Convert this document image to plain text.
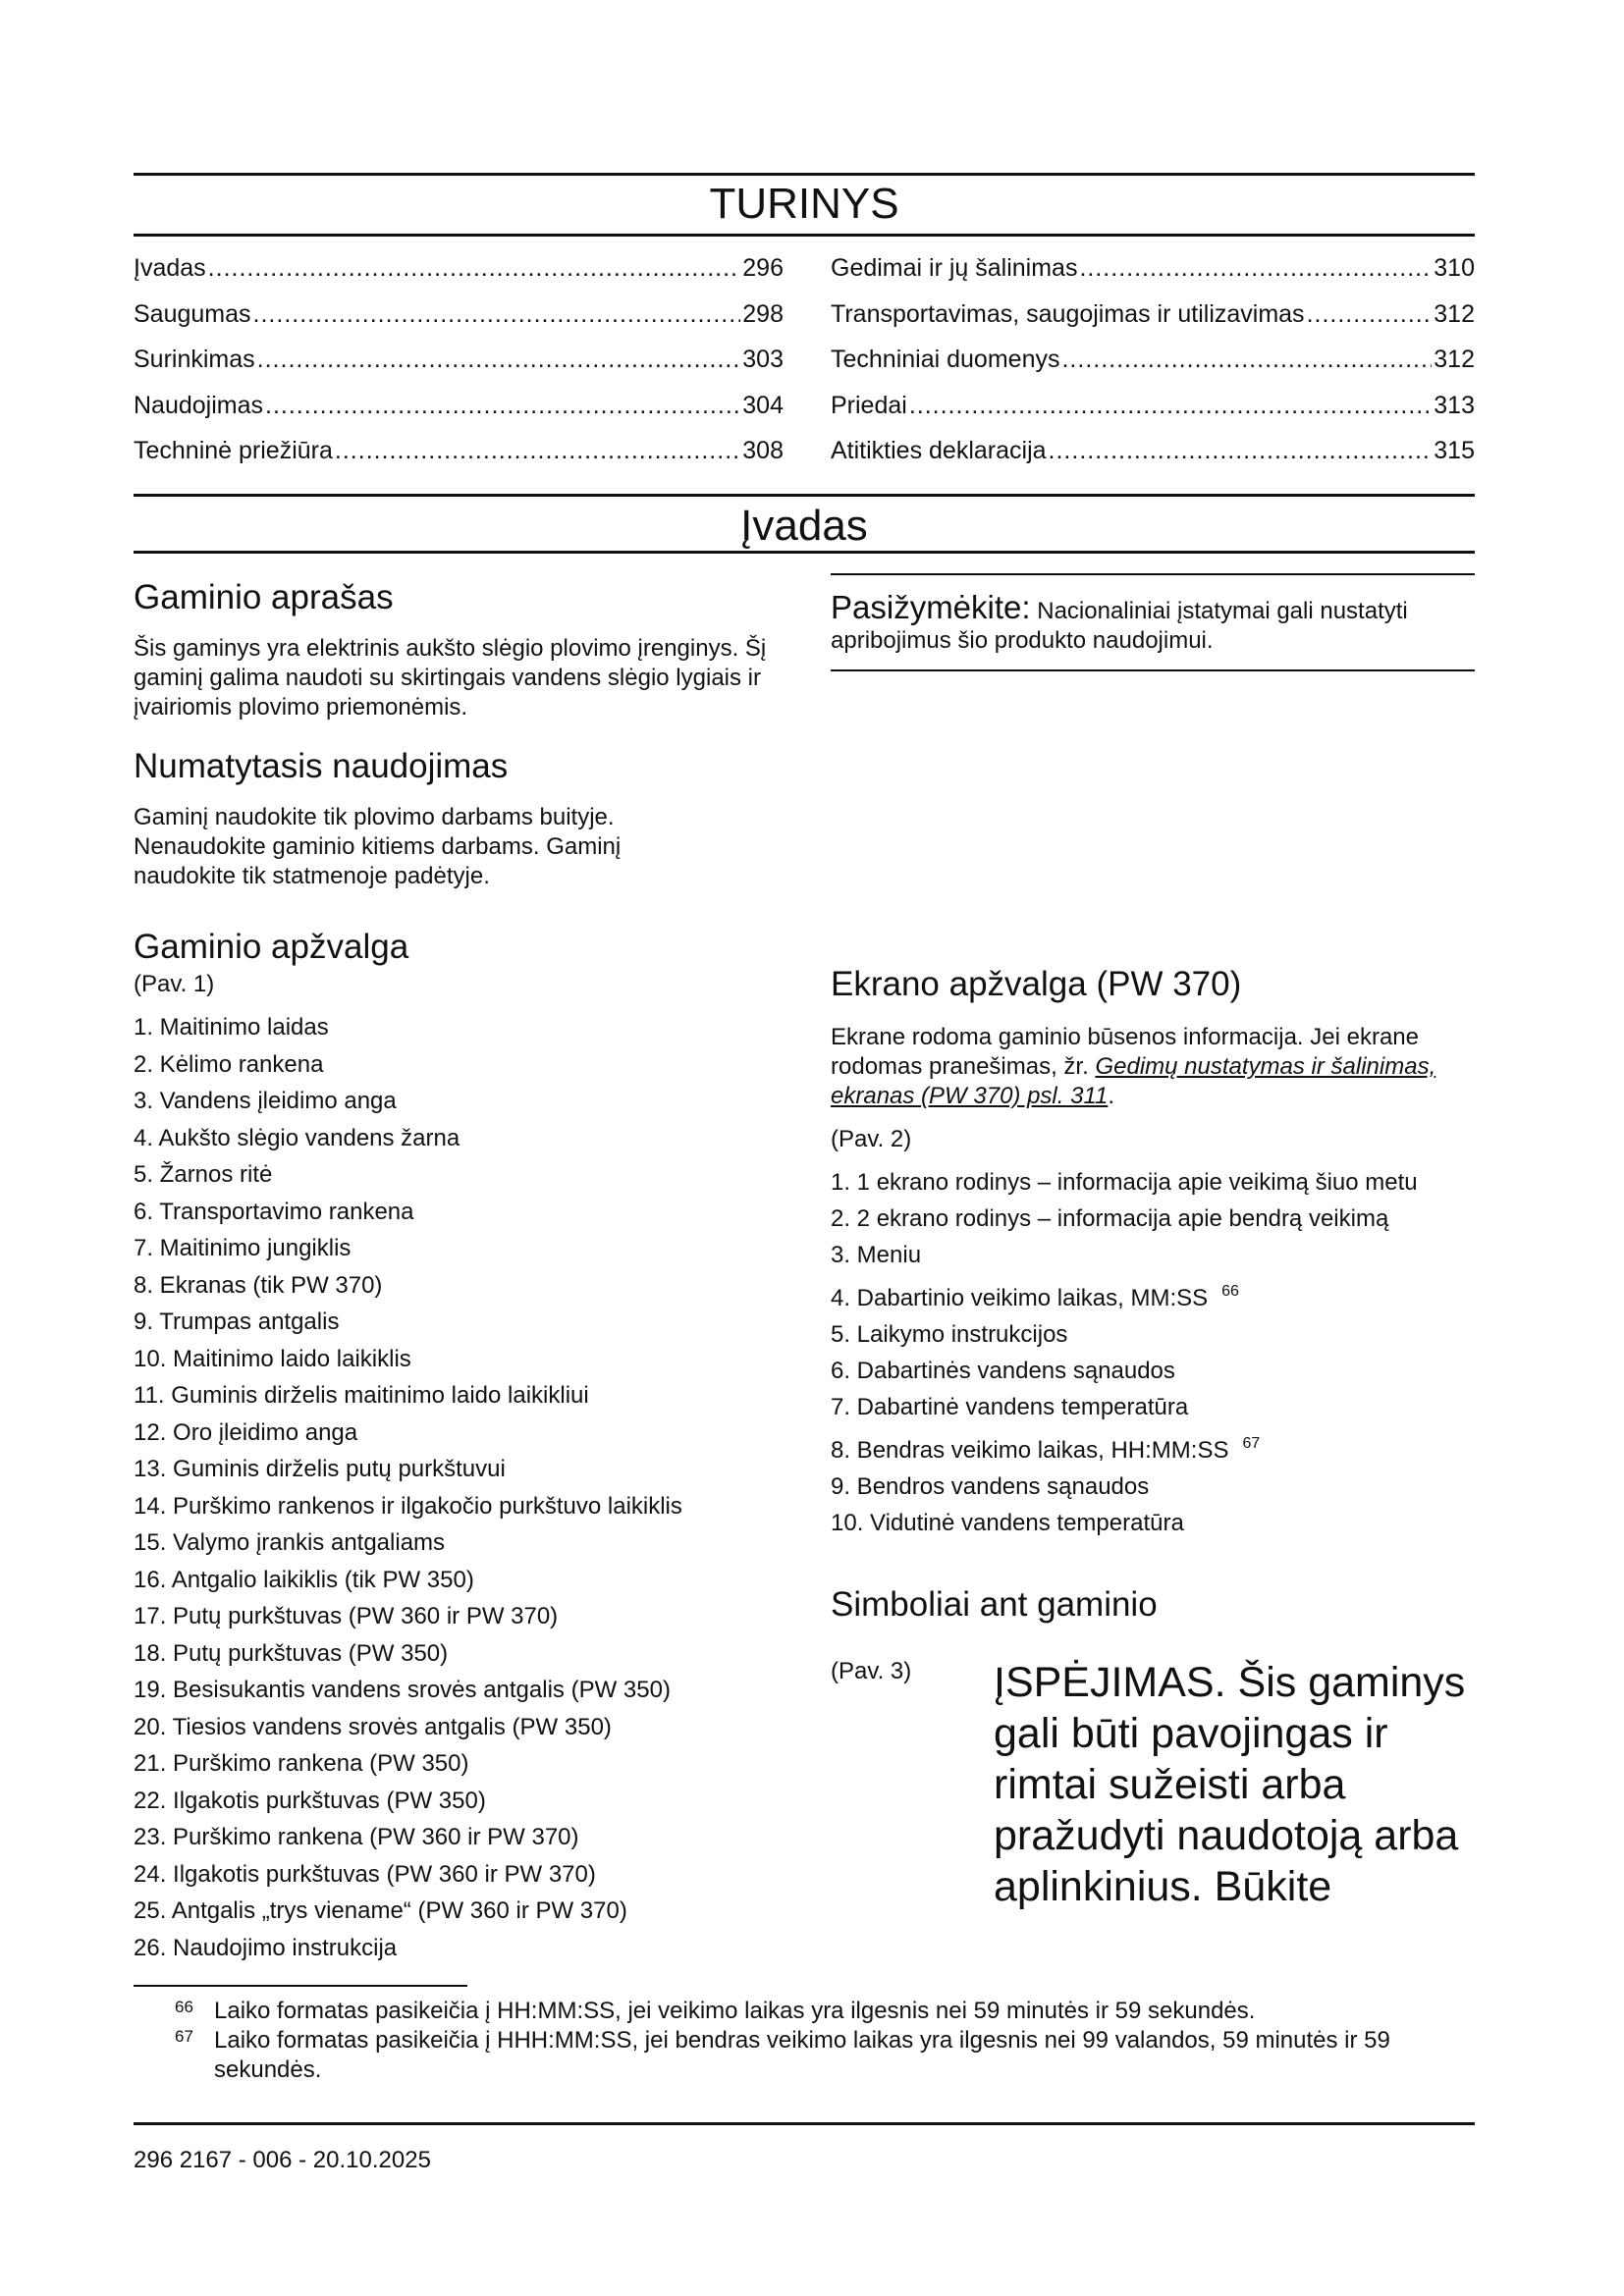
TURINYS
Įvadas .....	296
Saugumas .....	298
Surinkimas .....	303
Naudojimas .....	304
Techninė priežiūra .....	308
Gedimai ir jų šalinimas .....	310
Transportavimas, saugojimas ir utilizavimas .....	312
Techniniai duomenys .....	312
Priedai .....	313
Atitikties deklaracija .....	315
Įvadas
Gaminio aprašas

Šis gaminys yra elektrinis aukšto slėgio plovimo įrenginys. Šį gaminį galima naudoti su skirtingais vandens slėgio lygiais ir įvairiomis plovimo priemonėmis.

Numatytasis naudojimas

Gaminį naudokite tik plovimo darbams buityje. Nenaudokite gaminio kitiems darbams. Gaminį naudokite tik statmenoje padėtyje.

Gaminio apžvalga

(Pav. 1)

1. Maitinimo laidas
2. Kėlimo rankena
3. Vandens įleidimo anga
4. Aukšto slėgio vandens žarna
5. Žarnos ritė
6. Transportavimo rankena
7. Maitinimo jungiklis
8. Ekranas (tik PW 370)
9. Trumpas antgalis
10. Maitinimo laido laikiklis
11. Guminis dirželis maitinimo laido laikikliui
12. Oro įleidimo anga
13. Guminis dirželis putų purkštuvui
14. Purškimo rankenos ir ilgakočio purkštuvo laikiklis
15. Valymo įrankis antgaliams
16. Antgalio laikiklis (tik PW 350)
17. Putų purkštuvas (PW 360 ir PW 370)
18. Putų purkštuvas (PW 350)
19. Besisukantis vandens srovės antgalis (PW 350)
20. Tiesios vandens srovės antgalis (PW 350)
21. Purškimo rankena (PW 350)
22. Ilgakotis purkštuvas (PW 350)
23. Purškimo rankena (PW 360 ir PW 370)
24. Ilgakotis purkštuvas (PW 360 ir PW 370)
25. Antgalis „trys viename“ (PW 360 ir PW 370)
26. Naudojimo instrukcija

Pasižymėkite: Nacionaliniai įstatymai gali nustatyti apribojimus šio produkto naudojimui.

Ekrano apžvalga (PW 370)

Ekrane rodoma gaminio būsenos informacija. Jei ekrane rodomas pranešimas, žr. Gedimų nustatymas ir šalinimas, ekranas (PW 370) psl. 311.

(Pav. 2)

1. 1 ekrano rodinys – informacija apie veikimą šiuo metu
2. 2 ekrano rodinys – informacija apie bendrą veikimą
3. Meniu
4. Dabartinio veikimo laikas, MM:SS $^{66}$
5. Laikymo instrukcijos
6. Dabartinės vandens sąnaudos
7. Dabartinė vandens temperatūra
8. Bendras veikimo laikas, HH:MM:SS $^{67}$
9. Bendros vandens sąnaudos
10. Vidutinė vandens temperatūra
Simboliai ant gaminio

(Pav. 3) ĮSPĖJIMAS. Šis gaminys gali būti pavojingas ir rimtai sužeisti arba pražudyti naudotoją arba aplinkinius. Būkite
66 Laiko formatas pasikeičia į HH:MM:SS, jei veikimo laikas yra ilgesnis nei 59 minutės ir 59 sekundės.
67 Laiko formatas pasikeičia į HHH:MM:SS, jei bendras veikimo laikas yra ilgesnis nei 99 valandos, 59 minutės ir 59 sekundės.
296 2167 - 006 - 20.10.2025
